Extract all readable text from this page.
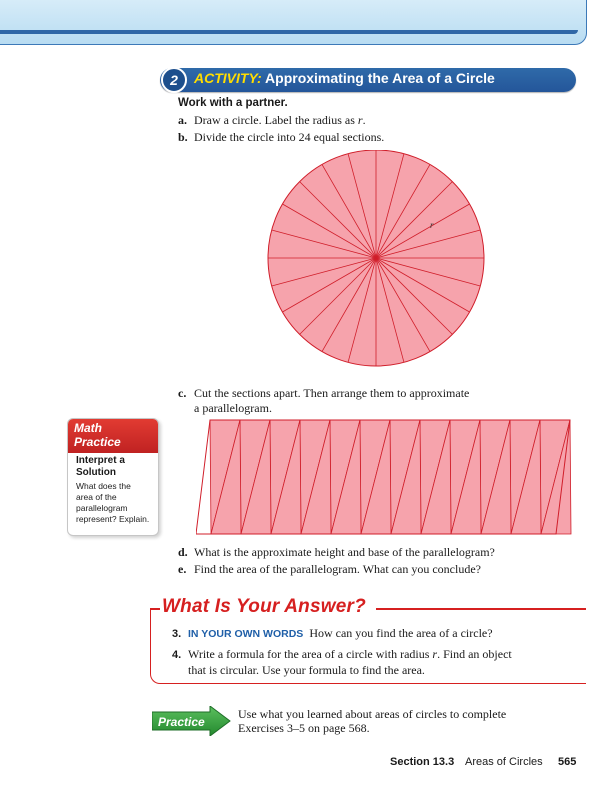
2	ACTIVITY: Approximating the Area of a Circle
Work with a partner.
a. Draw a circle. Label the radius as r.
b. Divide the circle into 24 equal sections.
r
c. Cut the sections apart. Then arrange them to approximate
a parallelogram.
Math
Practice
Interpret a
Solution
What does the
area of the
parallelogram
represent? Explain.
d. What is the approximate height and base of the parallelogram?
e. Find the area of the parallelogram. What can you conclude?
What Is Your Answer?
3. IN YOUR OWN WORDS How can you find the area of a circle?
4. Write a formula for the area of a circle with radius r. Find an object
that is circular. Use your formula to find the area.
Practice
Use what you learned about areas of circles to complete
Exercises 3–5 on page 568.
Section 13.3 Areas of Circles 565
